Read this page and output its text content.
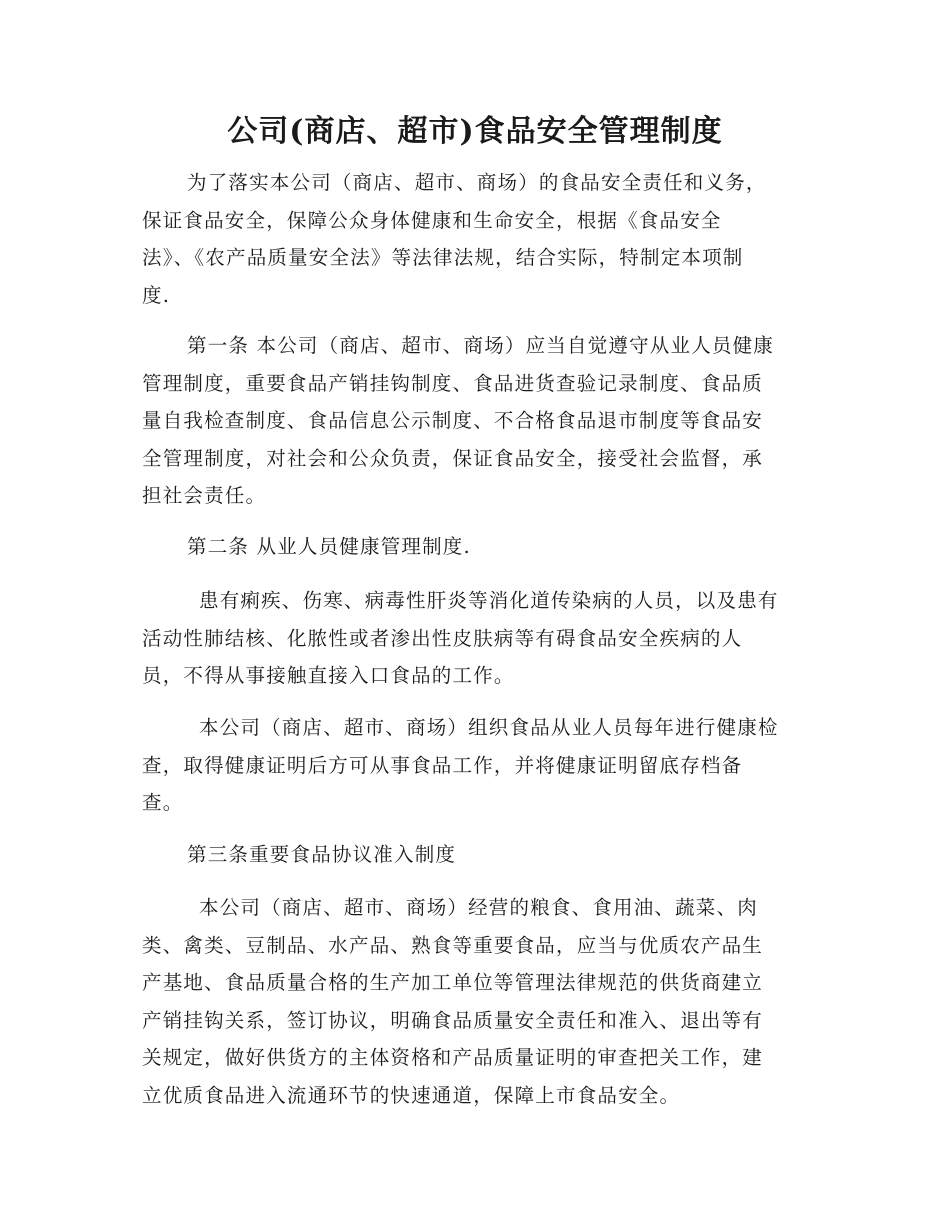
公司(商店、超市)食品安全管理制度

为了落实本公司（商店、超市、商场）的食品安全责任和义务，
保证食品安全，保障公众身体健康和生命安全，根据《食品安全
法》、《农产品质量安全法》等法律法规，结合实际，特制定本项制
度.

第一条 本公司（商店、超市、商场）应当自觉遵守从业人员健康
管理制度，重要食品产销挂钩制度、食品进货查验记录制度、食品质
量自我检查制度、食品信息公示制度、不合格食品退市制度等食品安
全管理制度，对社会和公众负责，保证食品安全，接受社会监督，承
担社会责任。

第二条 从业人员健康管理制度.

患有痢疾、伤寒、病毒性肝炎等消化道传染病的人员，以及患有
活动性肺结核、化脓性或者渗出性皮肤病等有碍食品安全疾病的人
员，不得从事接触直接入口食品的工作。

本公司（商店、超市、商场）组织食品从业人员每年进行健康检
查，取得健康证明后方可从事食品工作，并将健康证明留底存档备
查。

第三条重要食品协议准入制度

本公司（商店、超市、商场）经营的粮食、食用油、蔬菜、肉
类、禽类、豆制品、水产品、熟食等重要食品，应当与优质农产品生
产基地、食品质量合格的生产加工单位等管理法律规范的供货商建立
产销挂钩关系，签订协议，明确食品质量安全责任和准入、退出等有
关规定，做好供货方的主体资格和产品质量证明的审查把关工作，建
立优质食品进入流通环节的快速通道，保障上市食品安全。
